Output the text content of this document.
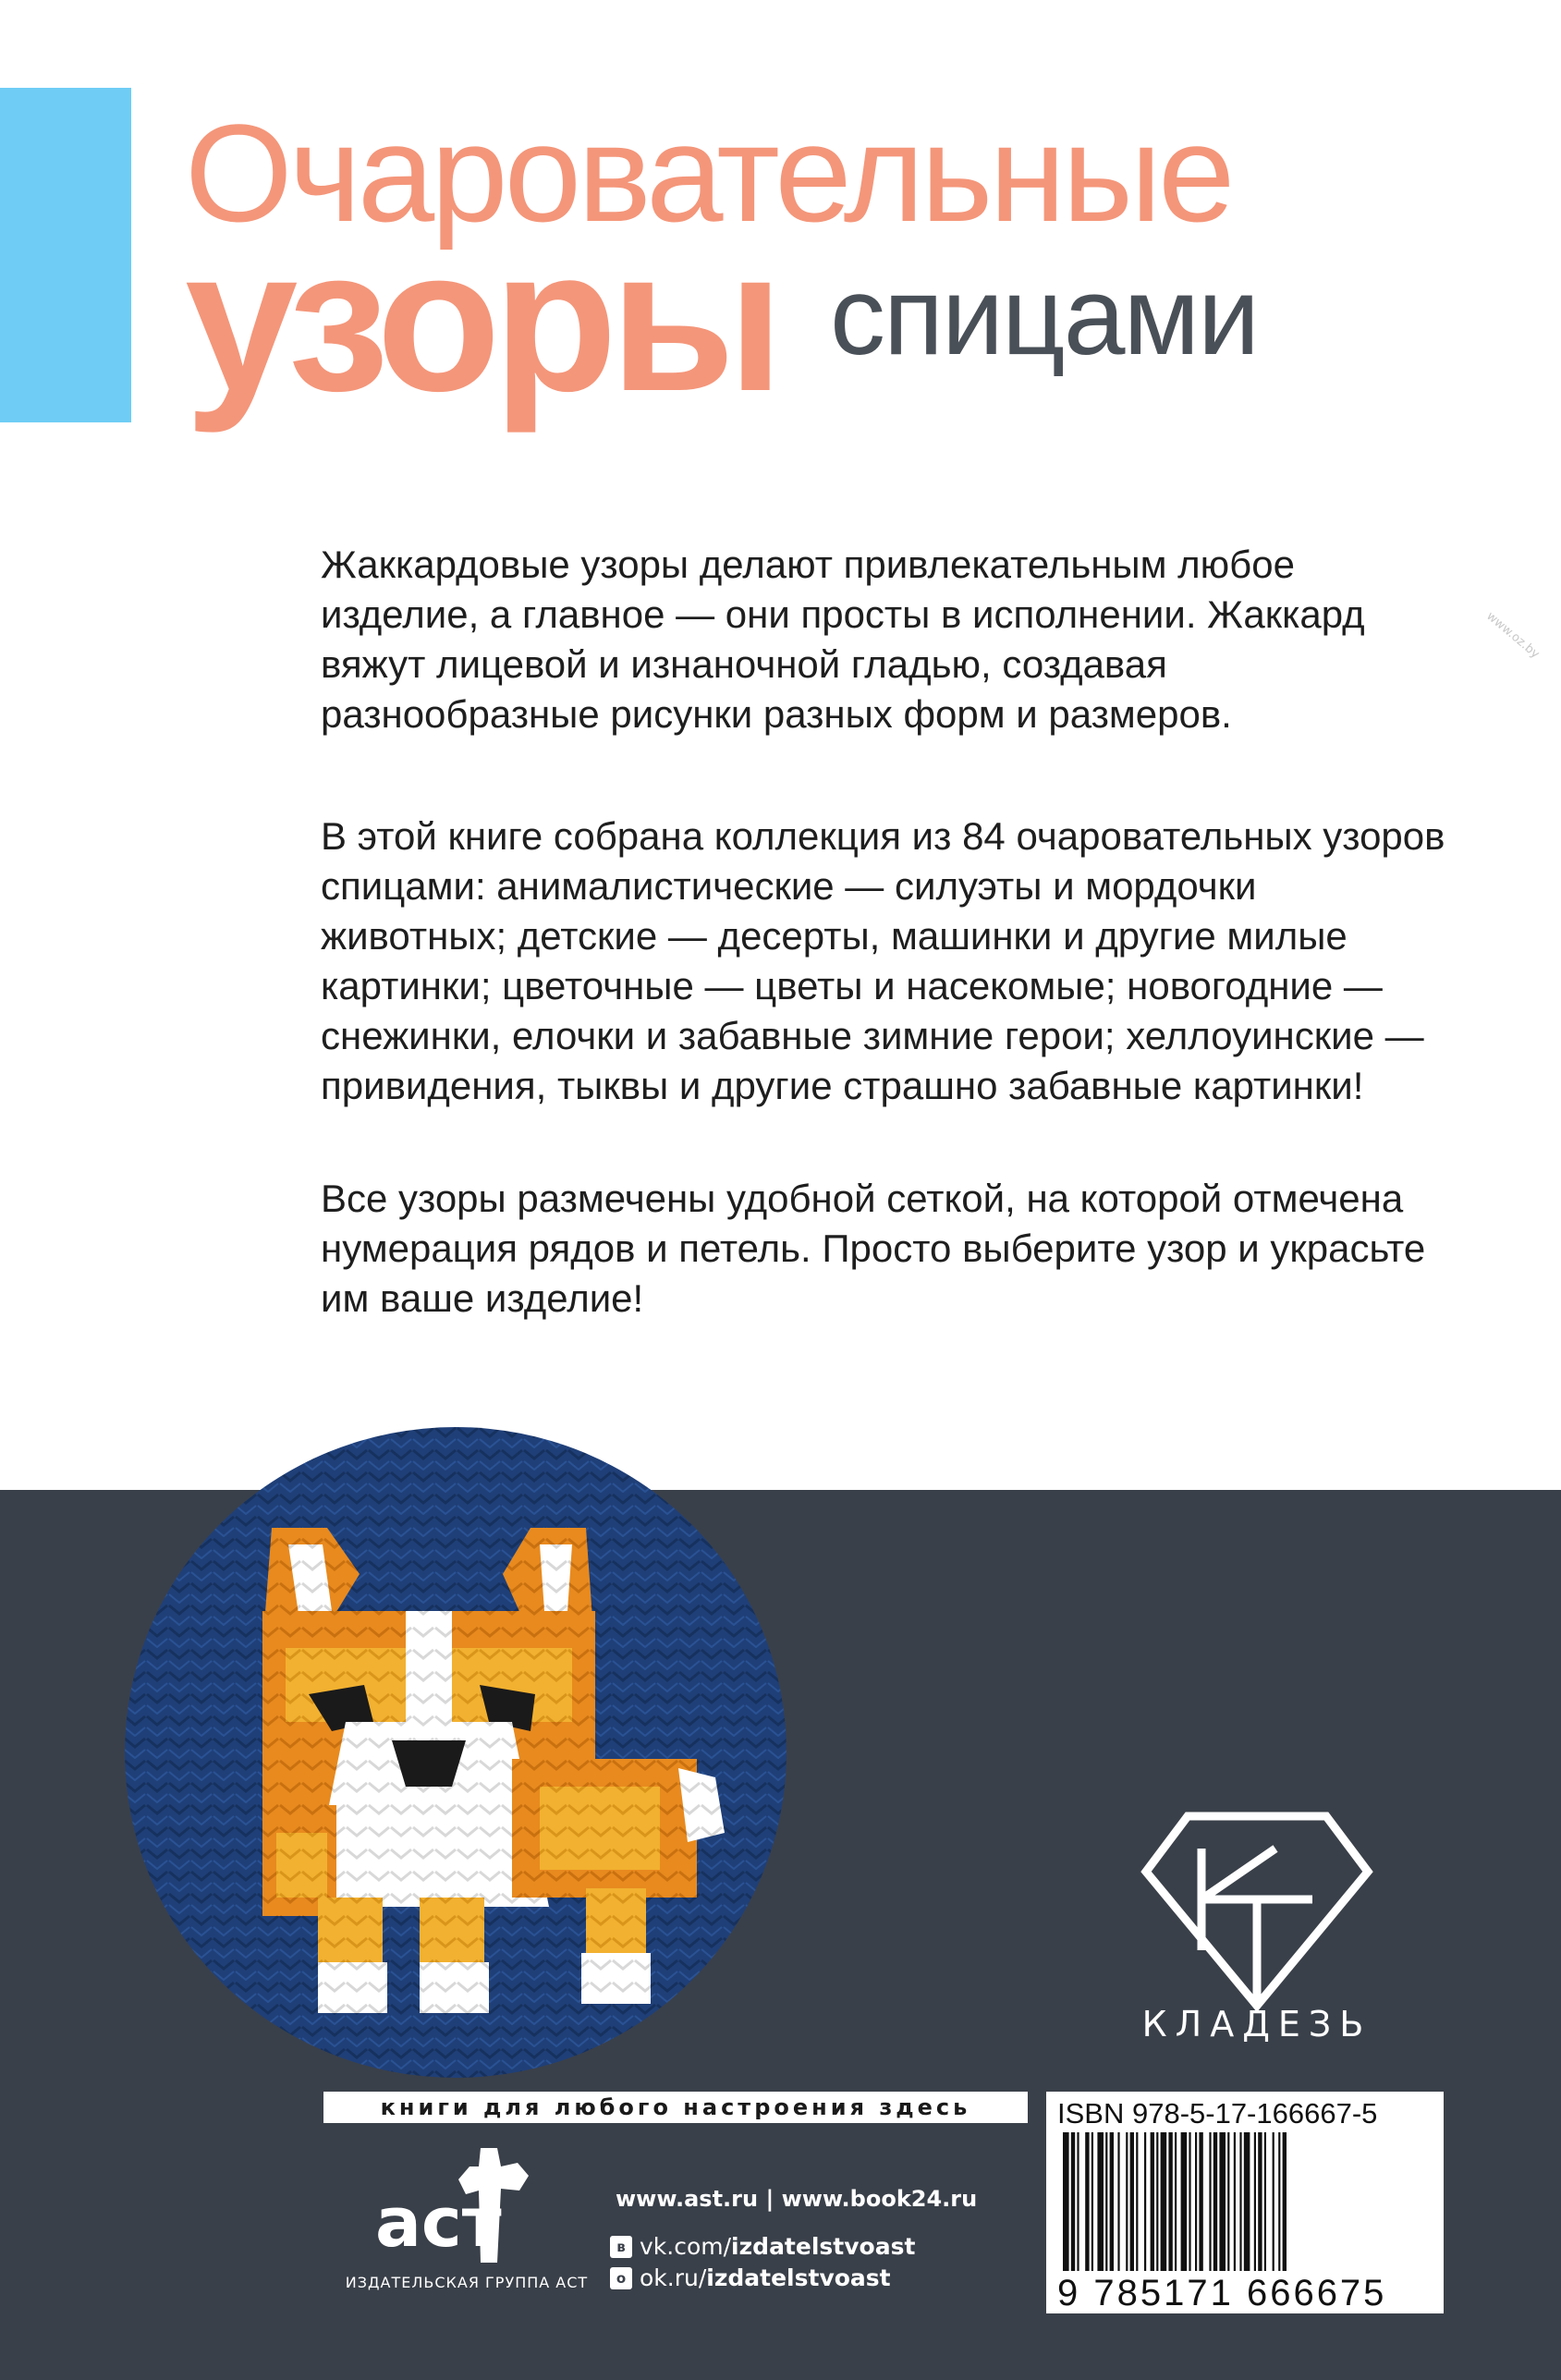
Очаровательные
узоры спицами

Жаккардовые узоры делают привлекательным любое изделие, а главное — они просты в исполнении. Жаккард вяжут лицевой и изнаночной гладью, создавая разнообразные рисунки разных форм и размеров.

В этой книге собрана коллекция из 84 очаровательных узоров спицами: анималистические — силуэты и мордочки животных; детские — десерты, машинки и другие милые картинки; цветочные — цветы и насекомые; новогодние — снежинки, елочки и забавные зимние герои; хеллоуинские — привидения, тыквы и другие страшно забавные картинки!

Все узоры размечены удобной сеткой, на которой отмечена нумерация рядов и петель. Просто выберите узор и украсьте им ваше изделие!

www.oz.by
КЛАДЕЗЬ
книги для любого настроения здесь
аст
ИЗДАТЕЛЬСКАЯ ГРУППА АСТ
www.ast.ru | www.book24.ru
в vk.com/ izdatelstvoast
о ok.ru/ izdatelstvoast
ISBN 978-5-17-166667-5
9 785171 666675
